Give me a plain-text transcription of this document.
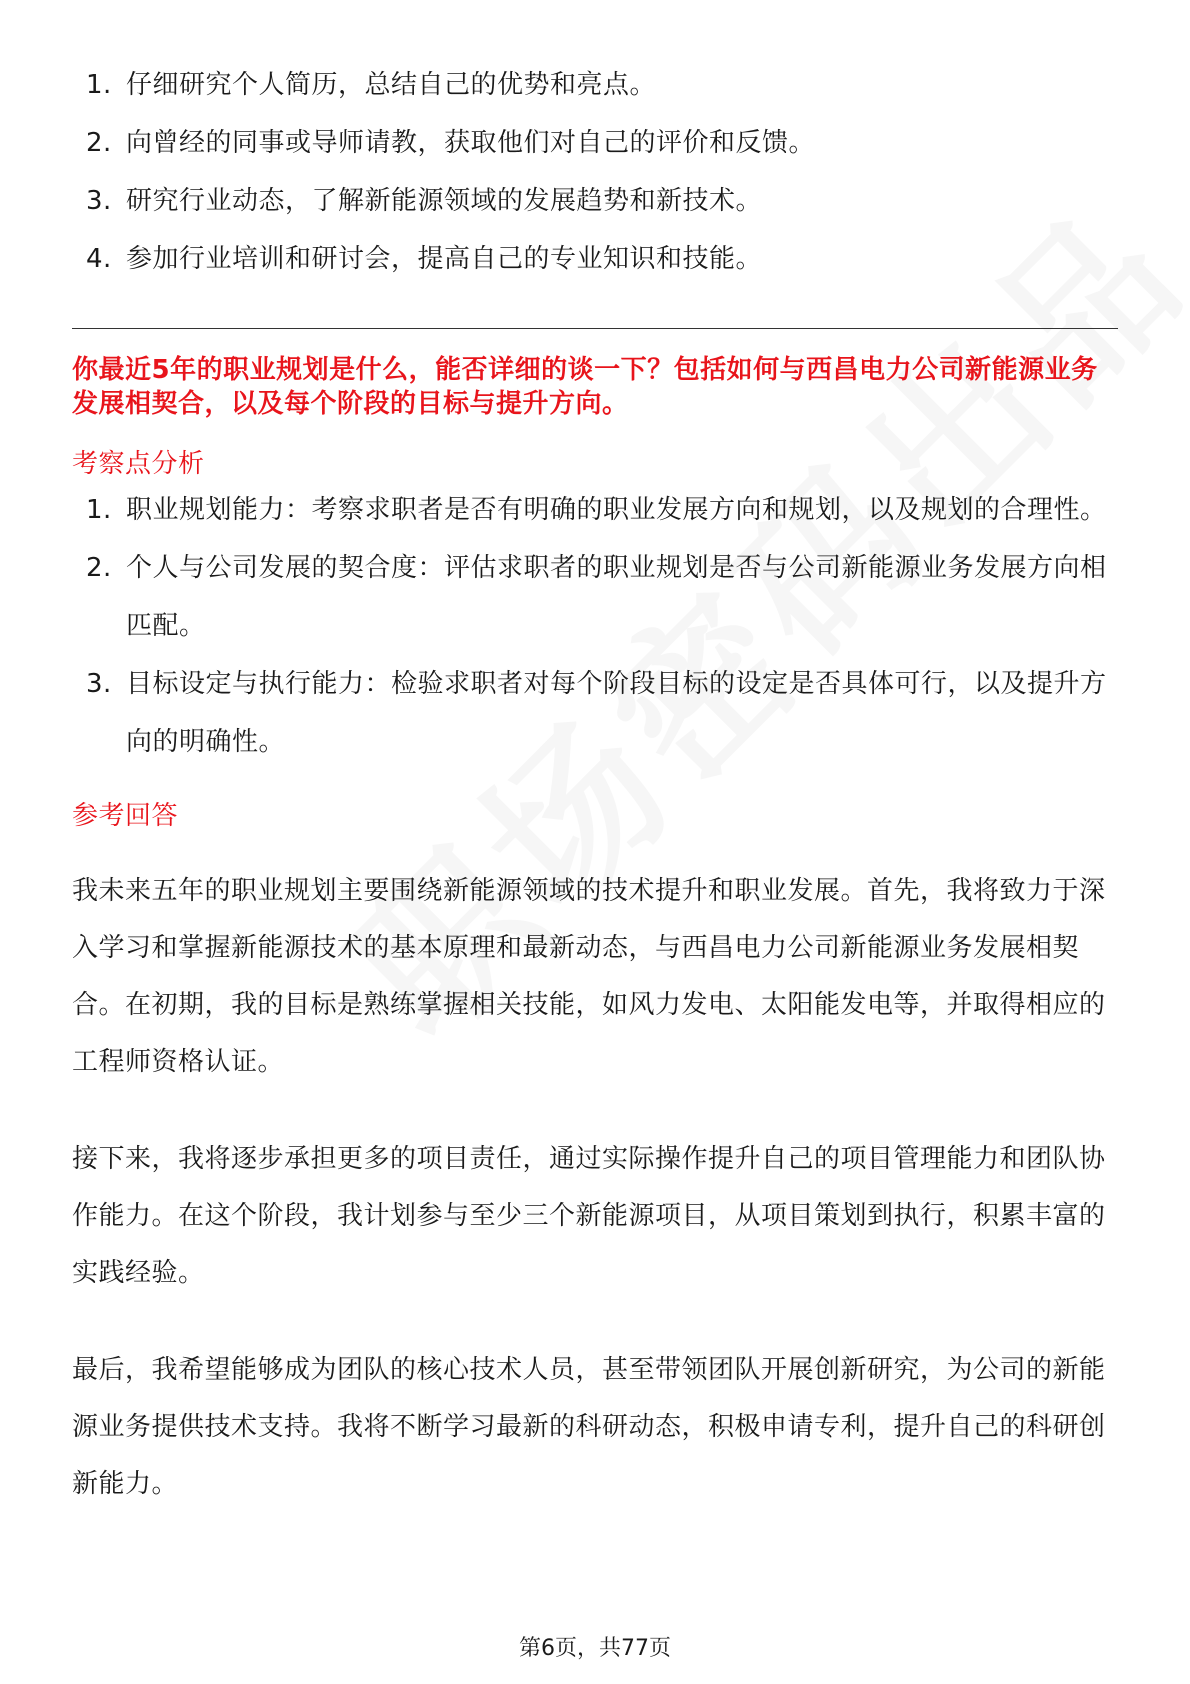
1. 仔细研究个人简历，总结自己的优势和亮点。
2. 向曾经的同事或导师请教，获取他们对自己的评价和反馈。
3. 研究行业动态，了解新能源领域的发展趋势和新技术。
4. 参加行业培训和研讨会，提高自己的专业知识和技能。
你最近5年的职业规划是什么，能否详细的谈一下？包括如何与西昌电力公司新能源业务发展相契合，以及每个阶段的目标与提升方向。
考察点分析
1. 职业规划能力：考察求职者是否有明确的职业发展方向和规划，以及规划的合理性。
2. 个人与公司发展的契合度：评估求职者的职业规划是否与公司新能源业务发展方向相匹配。
3. 目标设定与执行能力：检验求职者对每个阶段目标的设定是否具体可行，以及提升方向的明确性。
参考回答

我未来五年的职业规划主要围绕新能源领域的技术提升和职业发展。首先，我将致力于深入学习和掌握新能源技术的基本原理和最新动态，与西昌电力公司新能源业务发展相契合。在初期，我的目标是熟练掌握相关技能，如风力发电、太阳能发电等，并取得相应的工程师资格认证。

接下来，我将逐步承担更多的项目责任，通过实际操作提升自己的项目管理能力和团队协作能力。在这个阶段，我计划参与至少三个新能源项目，从项目策划到执行，积累丰富的实践经验。

最后，我希望能够成为团队的核心技术人员，甚至带领团队开展创新研究，为公司的新能源业务提供技术支持。我将不断学习最新的科研动态，积极申请专利，提升自己的科研创新能力。

第6页，共77页
